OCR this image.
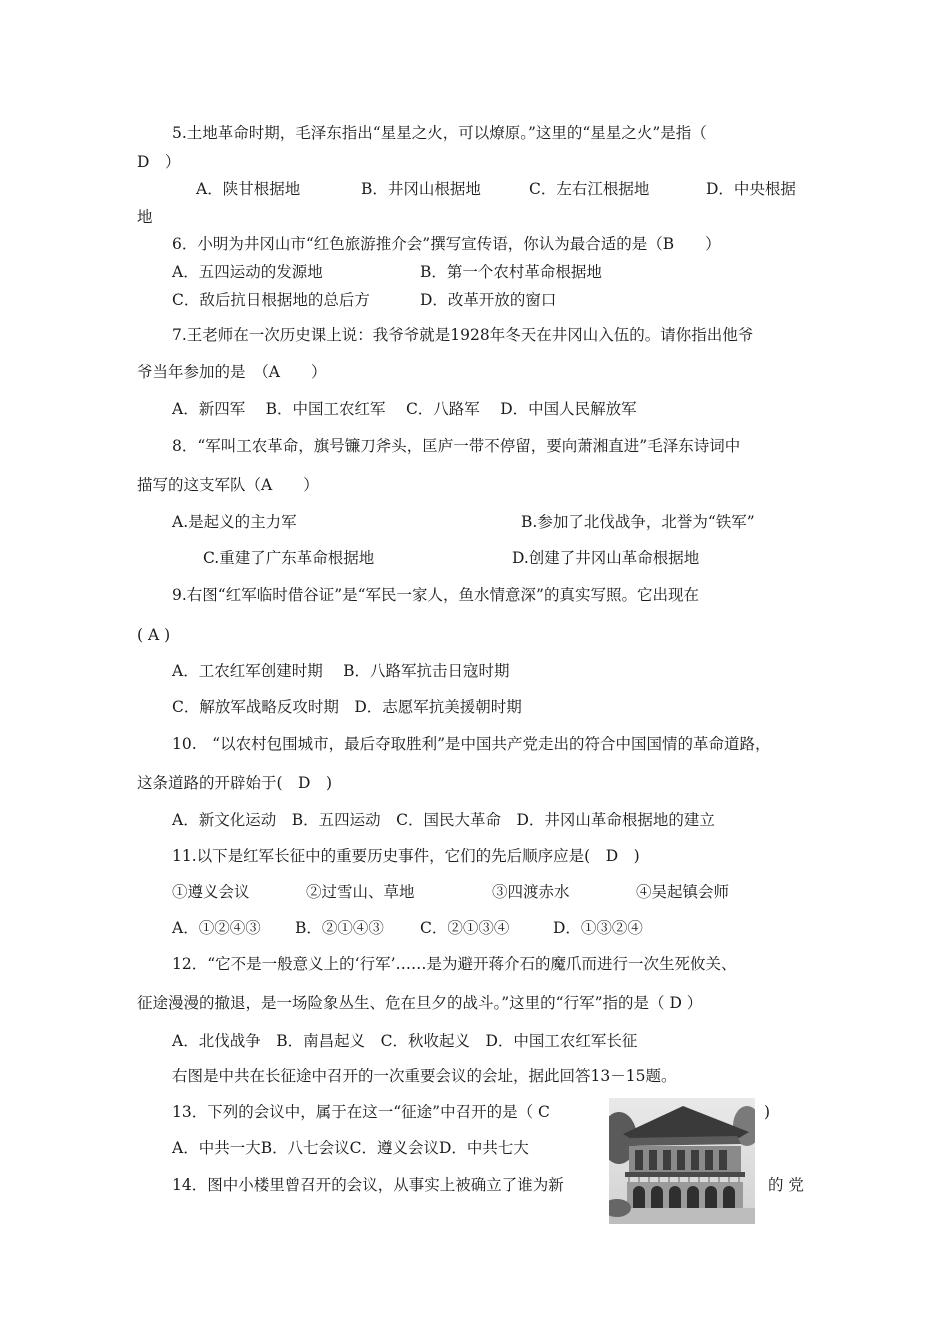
5.土地革命时期，毛泽东指出“星星之火，可以燎原。”这里的“星星之火”是指（
D　）
A．陕甘根据地	B．井冈山根据地	C．左右江根据地	D．中央根据
地
6．小明为井冈山市“红色旅游推介会”撰写宣传语，你认为最合适的是（B　　）
A．五四运动的发源地	B．第一个农村革命根据地
C．敌后抗日根据地的总后方	D．改革开放的窗口
7.王老师在一次历史课上说：我爷爷就是1928年冬天在井冈山入伍的。请你指出他爷
爷当年参加的是　（A　　）
A．新四军　 B．中国工农红军　 C．八路军　 D．中国人民解放军
8．“军叫工农革命，旗号镰刀斧头，匡庐一带不停留，要向萧湘直进”毛泽东诗词中
描写的这支军队（A　　）
A.是起义的主力军	B.参加了北伐战争，北誉为“铁军”
C.重建了广东革命根据地	D.创建了井冈山革命根据地
9.右图“红军临时借谷证”是“军民一家人，鱼水情意深”的真实写照。它出现在
( A )
A．工农红军创建时期　 B．八路军抗击日寇时期
C．解放军战略反攻时期　D．志愿军抗美援朝时期
10.　“以农村包围城市，最后夺取胜利”是中国共产党走出的符合中国国情的革命道路，
这条道路的开辟始于(　D　)
A．新文化运动　B．五四运动　C．国民大革命　D．井冈山革命根据地的建立
11.以下是红军长征中的重要历史事件，它们的先后顺序应是(　D　)
①遵义会议	②过雪山、草地	③四渡赤水	④吴起镇会师
A．①②④③ B．②①④③ C．②①③④	D．①③②④
12．“它不是一般意义上的‘行军’……是为避开蒋介石的魔爪而进行一次生死攸关、
征途漫漫的撤退，是一场险象丛生、危在旦夕的战斗。”这里的“行军”指的是（ D ）
A．北伐战争　B．南昌起义　C．秋收起义　D．中国工农红军长征
右图是中共在长征途中召开的一次重要会议的会址，据此回答13－15题。
13．下列的会议中，属于在这一“征途”中召开的是（ C	)
A．中共一大B．八七会议C．遵义会议D．中共七大
14．图中小楼里曾召开的会议，从事实上被确立了谁为新	的 党
